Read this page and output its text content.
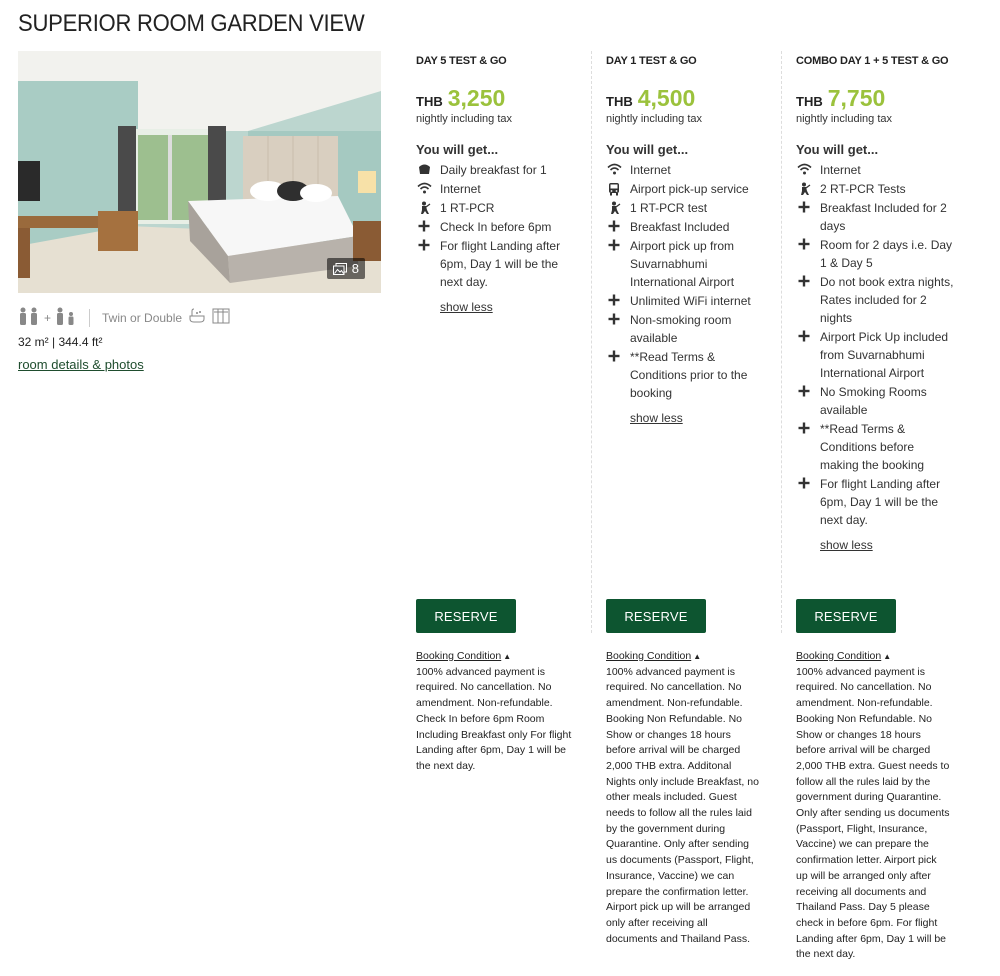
SUPERIOR ROOM GARDEN VIEW
8
+	Twin or Double
32 m² | 344.4 ft²
room details & photos
DAY 5 TEST & GO
THB 3,250
nightly including tax
You will get...
Daily breakfast for 1
Internet
1 RT-PCR
Check In before 6pm
For flight Landing after
6pm, Day 1 will be the
next day.
show less
RESERVE
Booking Condition ▲
100% advanced payment is
required. No cancellation. No
amendment. Non-refundable.
Check In before 6pm Room
Including Breakfast only For flight
Landing after 6pm, Day 1 will be
the next day.
DAY 1 TEST & GO
THB 4,500
nightly including tax
You will get...
Internet
Airport pick-up service
1 RT-PCR test
Breakfast Included
Airport pick up from
Suvarnabhumi
International Airport
Unlimited WiFi internet
Non-smoking room
available
**Read Terms &
Conditions prior to the
booking
show less
RESERVE
Booking Condition ▲
100% advanced payment is
required. No cancellation. No
amendment. Non-refundable.
Booking Non Refundable. No
Show or changes 18 hours
before arrival will be charged
2,000 THB extra. Additonal
Nights only include Breakfast, no
other meals included. Guest
needs to follow all the rules laid
by the government during
Quarantine. Only after sending
us documents (Passport, Flight,
Insurance, Vaccine) we can
prepare the confirmation letter.
Airport pick up will be arranged
only after receiving all
documents and Thailand Pass.
COMBO DAY 1 + 5 TEST & GO
THB 7,750
nightly including tax
You will get...
Internet
2 RT-PCR Tests
Breakfast Included for 2
days
Room for 2 days i.e. Day
1 & Day 5
Do not book extra nights,
Rates included for 2
nights
Airport Pick Up included
from Suvarnabhumi
International Airport
No Smoking Rooms
available
**Read Terms &
Conditions before
making the booking
For flight Landing after
6pm, Day 1 will be the
next day.
show less
RESERVE
Booking Condition ▲
100% advanced payment is
required. No cancellation. No
amendment. Non-refundable.
Booking Non Refundable. No
Show or changes 18 hours
before arrival will be charged
2,000 THB extra. Guest needs to
follow all the rules laid by the
government during Quarantine.
Only after sending us documents
(Passport, Flight, Insurance,
Vaccine) we can prepare the
confirmation letter. Airport pick
up will be arranged only after
receiving all documents and
Thailand Pass. Day 5 please
check in before 6pm. For flight
Landing after 6pm, Day 1 will be
the next day.
